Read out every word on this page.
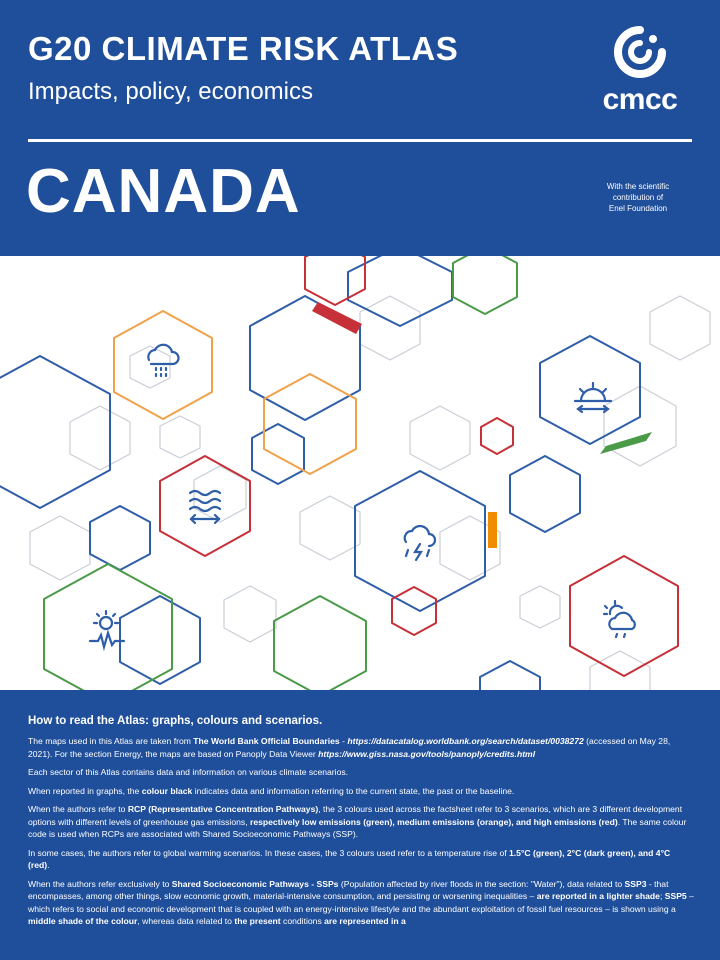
G20 CLIMATE RISK ATLAS
Impacts, policy, economics
CANADA
cmcc
With the scientific
contribution of
Enel Foundation
How to read the Atlas: graphs, colours and scenarios.

The maps used in this Atlas are taken from The World Bank Official Boundaries - https://datacatalog.worldbank.org/search/dataset/0038272 (accessed on May 28, 2021). For the section Energy, the maps are based on Panoply Data Viewer https://www.giss.nasa.gov/tools/panoply/credits.html

Each sector of this Atlas contains data and information on various climate scenarios.

When reported in graphs, the colour black indicates data and information referring to the current state, the past or the baseline.

When the authors refer to RCP (Representative Concentration Pathways), the 3 colours used across the factsheet refer to 3 scenarios, which are 3 different development options with different levels of greenhouse gas emissions, respectively low emissions (green), medium emissions (orange), and high emissions (red). The same colour code is used when RCPs are associated with Shared Socioeconomic Pathways (SSP).

In some cases, the authors refer to global warming scenarios. In these cases, the 3 colours used refer to a temperature rise of 1.5°C (green), 2°C (dark green), and 4°C (red).

When the authors refer exclusively to Shared Socioeconomic Pathways - SSPs (Population affected by river floods in the section: "Water"), data related to SSP3 - that encompasses, among other things, slow economic growth, material-intensive consumption, and persisting or worsening inequalities – are reported in a lighter shade; SSP5 – which refers to social and economic development that is coupled with an energy-intensive lifestyle and the abundant exploitation of fossil fuel resources – is shown using a middle shade of the colour, whereas data related to the present conditions are represented in a
